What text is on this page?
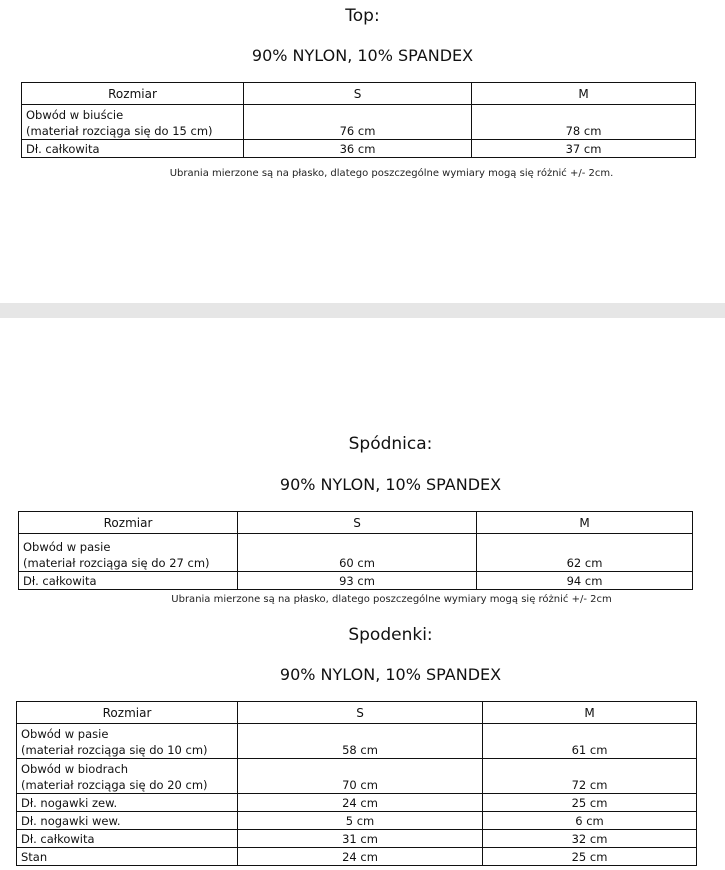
Top:
90% NYLON, 10% SPANDEX
Rozmiar	S	M

Obwód w biuście
(materiał rozciąga się do 15 cm)	76 cm	78 cm
Dł. całkowita	36 cm	37 cm
Ubrania mierzone są na płasko, dlatego poszczególne wymiary mogą się różnić +/- 2cm.
Spódnica:
90% NYLON, 10% SPANDEX
Rozmiar	S	M

Obwód w pasie
(materiał rozciąga się do 27 cm)	60 cm	62 cm
Dł. całkowita	93 cm	94 cm
Ubrania mierzone są na płasko, dlatego poszczególne wymiary mogą się różnić +/- 2cm
Spodenki:
90% NYLON, 10% SPANDEX
Rozmiar	S	M

Obwód w pasie
(materiał rozciąga się do 10 cm)	58 cm	61 cm

Obwód w biodrach
(materiał rozciąga się do 20 cm)	70 cm	72 cm
Dł. nogawki zew.	24 cm	25 cm
Dł. nogawki wew.	5 cm	6 cm
Dł. całkowita	31 cm	32 cm
Stan	24 cm	25 cm
